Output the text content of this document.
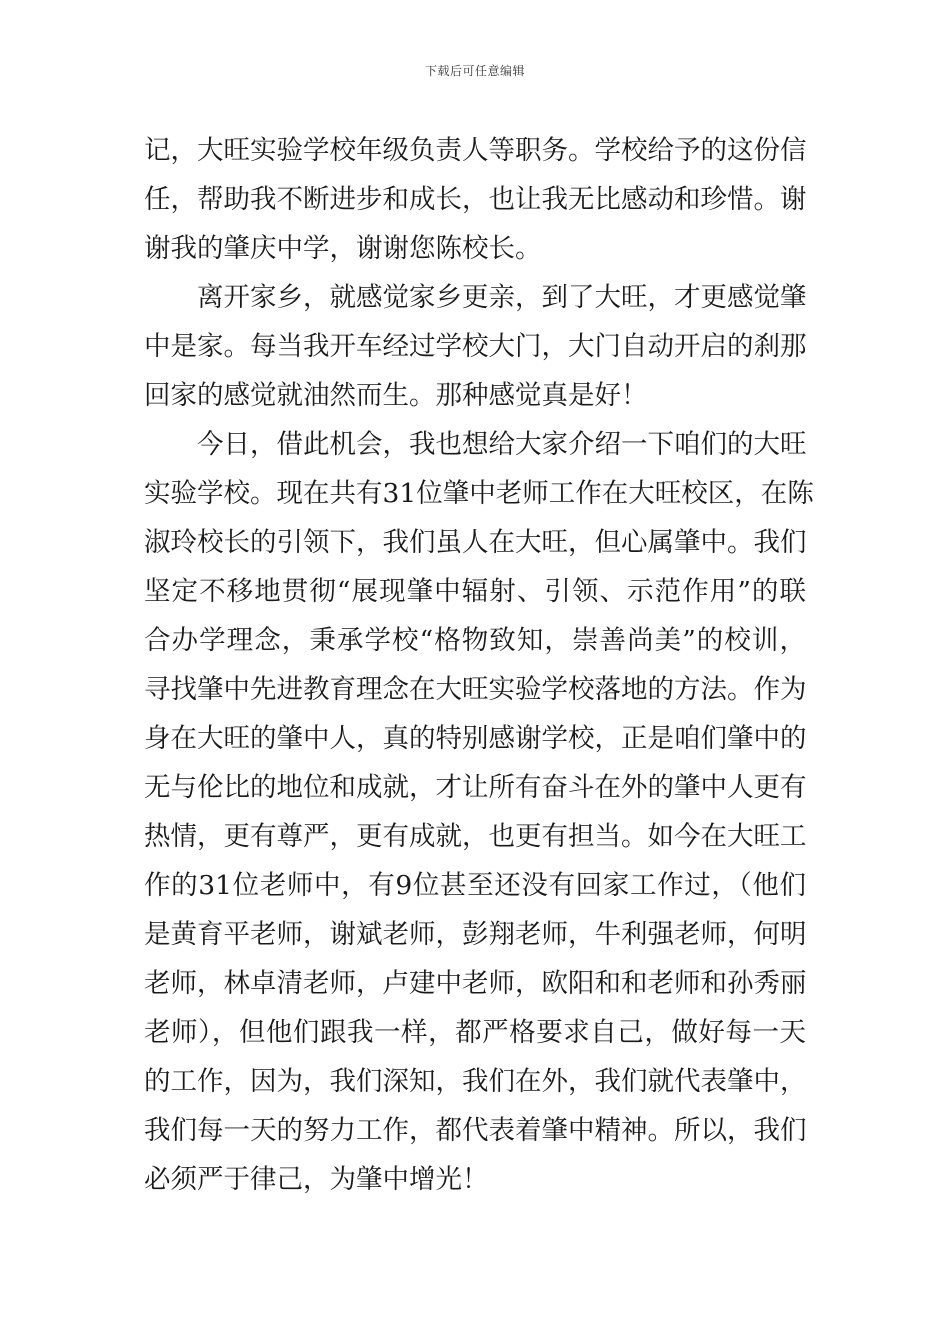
下载后可任意编辑
记，大旺实验学校年级负责人等职务。学校给予的这份信
任，帮助我不断进步和成长，也让我无比感动和珍惜。谢
谢我的肇庆中学，谢谢您陈校长。
离开家乡，就感觉家乡更亲，到了大旺，才更感觉肇
中是家。每当我开车经过学校大门，大门自动开启的刹那
回家的感觉就油然而生。那种感觉真是好！
今日，借此机会，我也想给大家介绍一下咱们的大旺
实验学校。现在共有31位肇中老师工作在大旺校区，在陈
淑玲校长的引领下，我们虽人在大旺，但心属肇中。我们
坚定不移地贯彻“展现肇中辐射、引领、示范作用”的联
合办学理念，秉承学校“格物致知，崇善尚美”的校训，
寻找肇中先进教育理念在大旺实验学校落地的方法。作为
身在大旺的肇中人，真的特别感谢学校，正是咱们肇中的
无与伦比的地位和成就，才让所有奋斗在外的肇中人更有
热情，更有尊严，更有成就，也更有担当。如今在大旺工
作的31位老师中，有9位甚至还没有回家工作过，（他们
是黄育平老师，谢斌老师，彭翔老师，牛利强老师，何明
老师，林卓清老师，卢建中老师，欧阳和和老师和孙秀丽
老师），但他们跟我一样，都严格要求自己，做好每一天
的工作，因为，我们深知，我们在外，我们就代表肇中，
我们每一天的努力工作，都代表着肇中精神。所以，我们
必须严于律己，为肇中增光！
